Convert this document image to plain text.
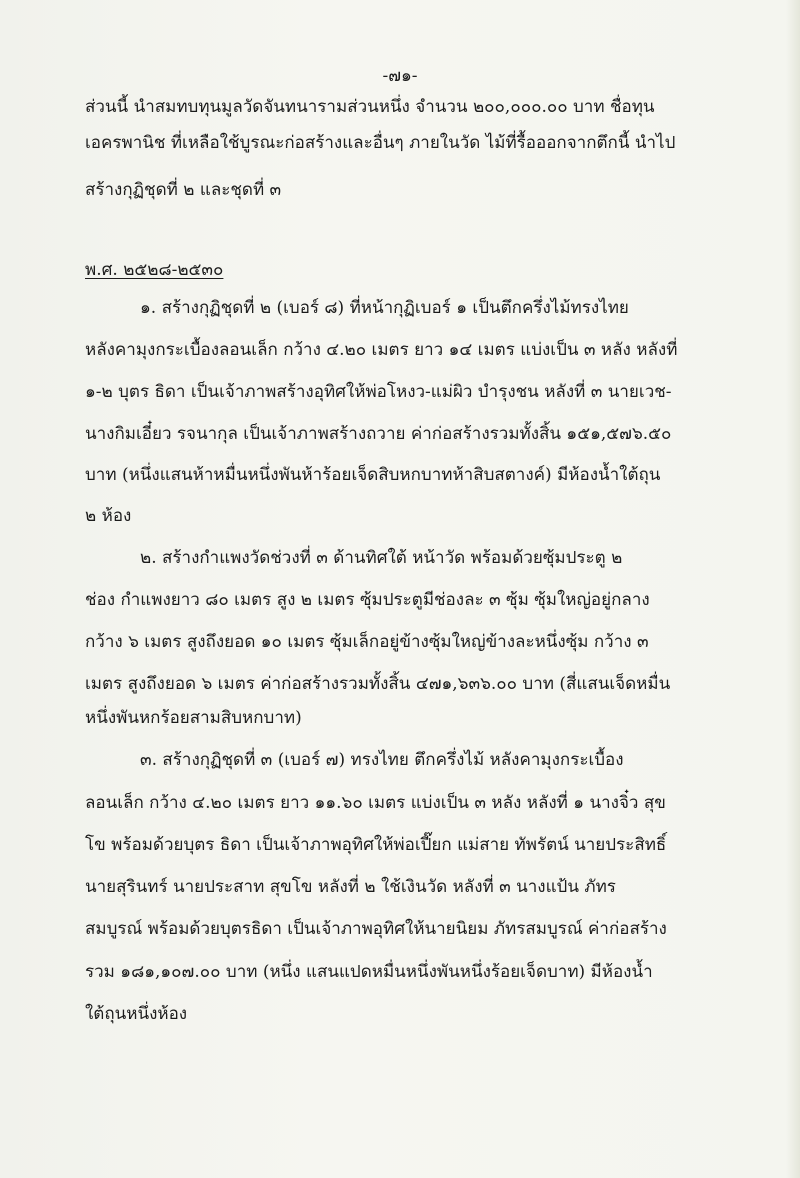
-๗๑-
ส่วนนี้ นำสมทบทุนมูลวัดจันทนารามส่วนหนึ่ง จำนวน ๒๐๐,๐๐๐.๐๐ บาท ชื่อทุน
เอครพานิช ที่เหลือใช้บูรณะก่อสร้างและอื่นๆ ภายในวัด ไม้ที่รื้อออกจากตึกนี้ นำไป
สร้างกุฏิชุดที่ ๒ และชุดที่ ๓
พ.ศ. ๒๕๒๘-๒๕๓๐
๑. สร้างกุฏิชุดที่ ๒ (เบอร์ ๘) ที่หน้ากุฏิเบอร์ ๑ เป็นตึกครึ่งไม้ทรงไทย
หลังคามุงกระเบื้องลอนเล็ก กว้าง ๔.๒๐ เมตร ยาว ๑๔ เมตร แบ่งเป็น ๓ หลัง หลังที่
๑-๒ บุตร ธิดา เป็นเจ้าภาพสร้างอุทิศให้พ่อโหงว-แม่ผิว บำรุงชน หลังที่ ๓ นายเวช-
นางกิมเอี๋ยว รจนากุล เป็นเจ้าภาพสร้างถวาย ค่าก่อสร้างรวมทั้งสิ้น ๑๕๑,๕๗๖.๕๐
บาท (หนึ่งแสนห้าหมื่นหนึ่งพันห้าร้อยเจ็ดสิบหกบาทห้าสิบสตางค์) มีห้องน้ำใต้ถุน
๒ ห้อง
๒. สร้างกำแพงวัดช่วงที่ ๓ ด้านทิศใต้ หน้าวัด พร้อมด้วยซุ้มประตู ๒
ช่อง กำแพงยาว ๘๐ เมตร สูง ๒ เมตร ซุ้มประตูมีช่องละ ๓ ซุ้ม ซุ้มใหญ่อยู่กลาง
กว้าง ๖ เมตร สูงถึงยอด ๑๐ เมตร ซุ้มเล็กอยู่ข้างซุ้มใหญ่ข้างละหนึ่งซุ้ม กว้าง ๓
เมตร สูงถึงยอด ๖ เมตร ค่าก่อสร้างรวมทั้งสิ้น ๔๗๑,๖๓๖.๐๐ บาท (สี่แสนเจ็ดหมื่น
หนึ่งพันหกร้อยสามสิบหกบาท)
๓. สร้างกุฏิชุดที่ ๓ (เบอร์ ๗) ทรงไทย ตึกครึ่งไม้ หลังคามุงกระเบื้อง
ลอนเล็ก กว้าง ๔.๒๐ เมตร ยาว ๑๑.๖๐ เมตร แบ่งเป็น ๓ หลัง หลังที่ ๑ นางจิ๋ว สุข
โข พร้อมด้วยบุตร ธิดา เป็นเจ้าภาพอุทิศให้พ่อเปี๊ยก แม่สาย ทัพรัตน์ นายประสิทธิ์
นายสุรินทร์ นายประสาท สุขโข หลังที่ ๒ ใช้เงินวัด หลังที่ ๓ นางแป้น ภัทร
สมบูรณ์ พร้อมด้วยบุตรธิดา เป็นเจ้าภาพอุทิศให้นายนิยม ภัทรสมบูรณ์ ค่าก่อสร้าง
รวม ๑๘๑,๑๐๗.๐๐ บาท (หนึ่ง แสนแปดหมื่นหนึ่งพันหนึ่งร้อยเจ็ดบาท) มีห้องน้ำ
ใต้ถุนหนึ่งห้อง
